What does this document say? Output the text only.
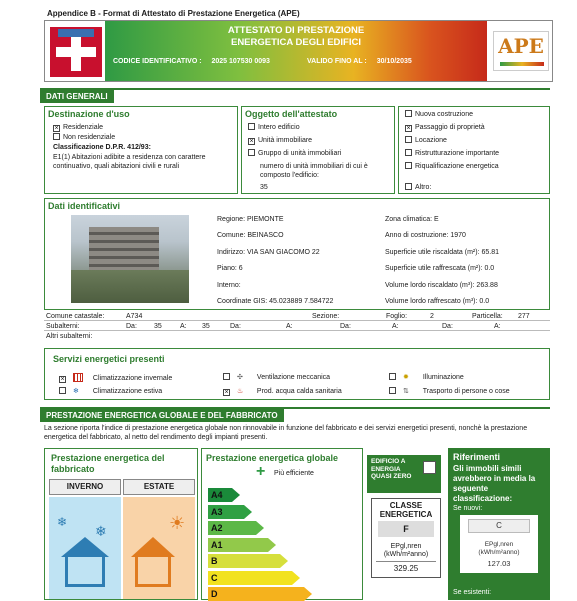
Appendice B - Format di Attestato di Prestazione Energetica (APE)
ATTESTATO DI PRESTAZIONE
ENERGETICA DEGLI EDIFICI
CODICE IDENTIFICATIVO : 2025 107530 0093	VALIDO FINO AL : 30/10/2035
APE
DATI GENERALI
Destinazione d'uso
× Residenziale
Non residenziale
Classificazione D.P.R. 412/93:
E1(1) Abitazioni adibite a residenza con carattere continuativo, quali abitazioni civili e rurali
Oggetto dell'attestato
Intero edificio
× Unità immobiliare
Gruppo di unità immobiliari
numero di unità immobiliari di cui è composto l'edificio:
35
Nuova costruzione
× Passaggio di proprietà
Locazione
Ristrutturazione importante
Riqualificazione energetica
Altro:
Dati identificativi
Regione: PIEMONTE
Comune: BEINASCO
Indirizzo: VIA SAN GIACOMO 22
Piano: 6
Interno:
Coordinate GIS: 45.023889 7.584722
Zona climatica: E
Anno di costruzione: 1970
Superficie utile riscaldata (m²): 65.81
Superficie utile raffrescata (m²): 0.0
Volume lordo riscaldato (m³): 263.88
Volume lordo raffrescato (m³): 0.0
Comune catastale:	A734	Sezione:	Foglio:	2	Particella: 277
Subalterni:	Da: 35	A: 35	Da:	A:	Da:	A:	Da:	A:
Altri subalterni:
Servizi energetici presenti
×	Climatizzazione invernale
❄ Climatizzazione estiva
✣ Ventilazione meccanica
× ♨ Prod. acqua calda sanitaria
✹ Illuminazione
⇅ Trasporto di persone o cose
PRESTAZIONE ENERGETICA GLOBALE E DEL FABBRICATO
La sezione riporta l'indice di prestazione energetica globale non rinnovabile in funzione del fabbricato e dei servizi energetici presenti, nonchè la prestazione energetica del fabbricato, al netto del rendimento degli impianti presenti.
Prestazione energetica del fabbricato
INVERNO	ESTATE
❄
❄	☀
Prestazione energetica globale
+ Più efficiente
A4
A3
A2
A1
B
C
D
EDIFICIO A ENERGIA QUASI ZERO
CLASSE ENERGETICA
F
EPgl,nren (kWh/m²anno)
329.25
Riferimenti
Gli immobili simili avrebbero in media la seguente classificazione:
Se nuovi:
C
EPgl,nren (kWh/m²anno)
127.03
Se esistenti:
